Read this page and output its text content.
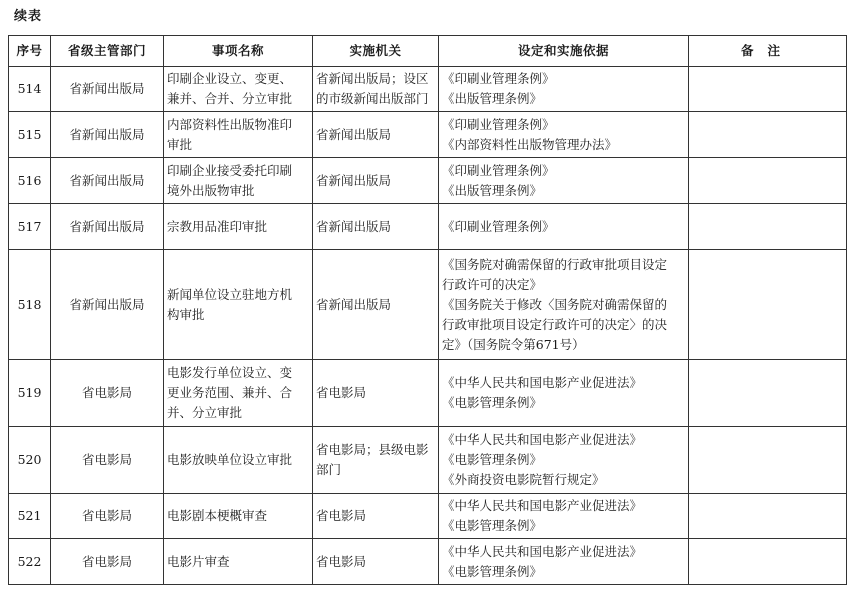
续表
序号	省级主管部门	事项名称	实施机关	设定和实施依据	备注
514	省新闻出版局	印刷企业设立、变更、
兼并、合并、分立审批	省新闻出版局；设区
的市级新闻出版部门	《印刷业管理条例》
《出版管理条例》	

515	省新闻出版局	内部资料性出版物准印
审批	省新闻出版局	《印刷业管理条例》
《内部资料性出版物管理办法》	

516	省新闻出版局	印刷企业接受委托印刷
境外出版物审批	省新闻出版局	《印刷业管理条例》
《出版管理条例》	

517	省新闻出版局	宗教用品准印审批	省新闻出版局	《印刷业管理条例》	

518	省新闻出版局	新闻单位设立驻地方机
构审批	省新闻出版局	《国务院对确需保留的行政审批项目设定
行政许可的决定》
《国务院关于修改〈国务院对确需保留的
行政审批项目设定行政许可的决定〉的决
定》（国务院令第671号）	

519	省电影局	电影发行单位设立、变
更业务范围、兼并、合
并、分立审批	省电影局	《中华人民共和国电影产业促进法》
《电影管理条例》	

520	省电影局	电影放映单位设立审批	省电影局；县级电影
部门	《中华人民共和国电影产业促进法》
《电影管理条例》
《外商投资电影院暂行规定》	

521	省电影局	电影剧本梗概审查	省电影局	《中华人民共和国电影产业促进法》
《电影管理条例》	

522	省电影局	电影片审查	省电影局	《中华人民共和国电影产业促进法》
《电影管理条例》	
